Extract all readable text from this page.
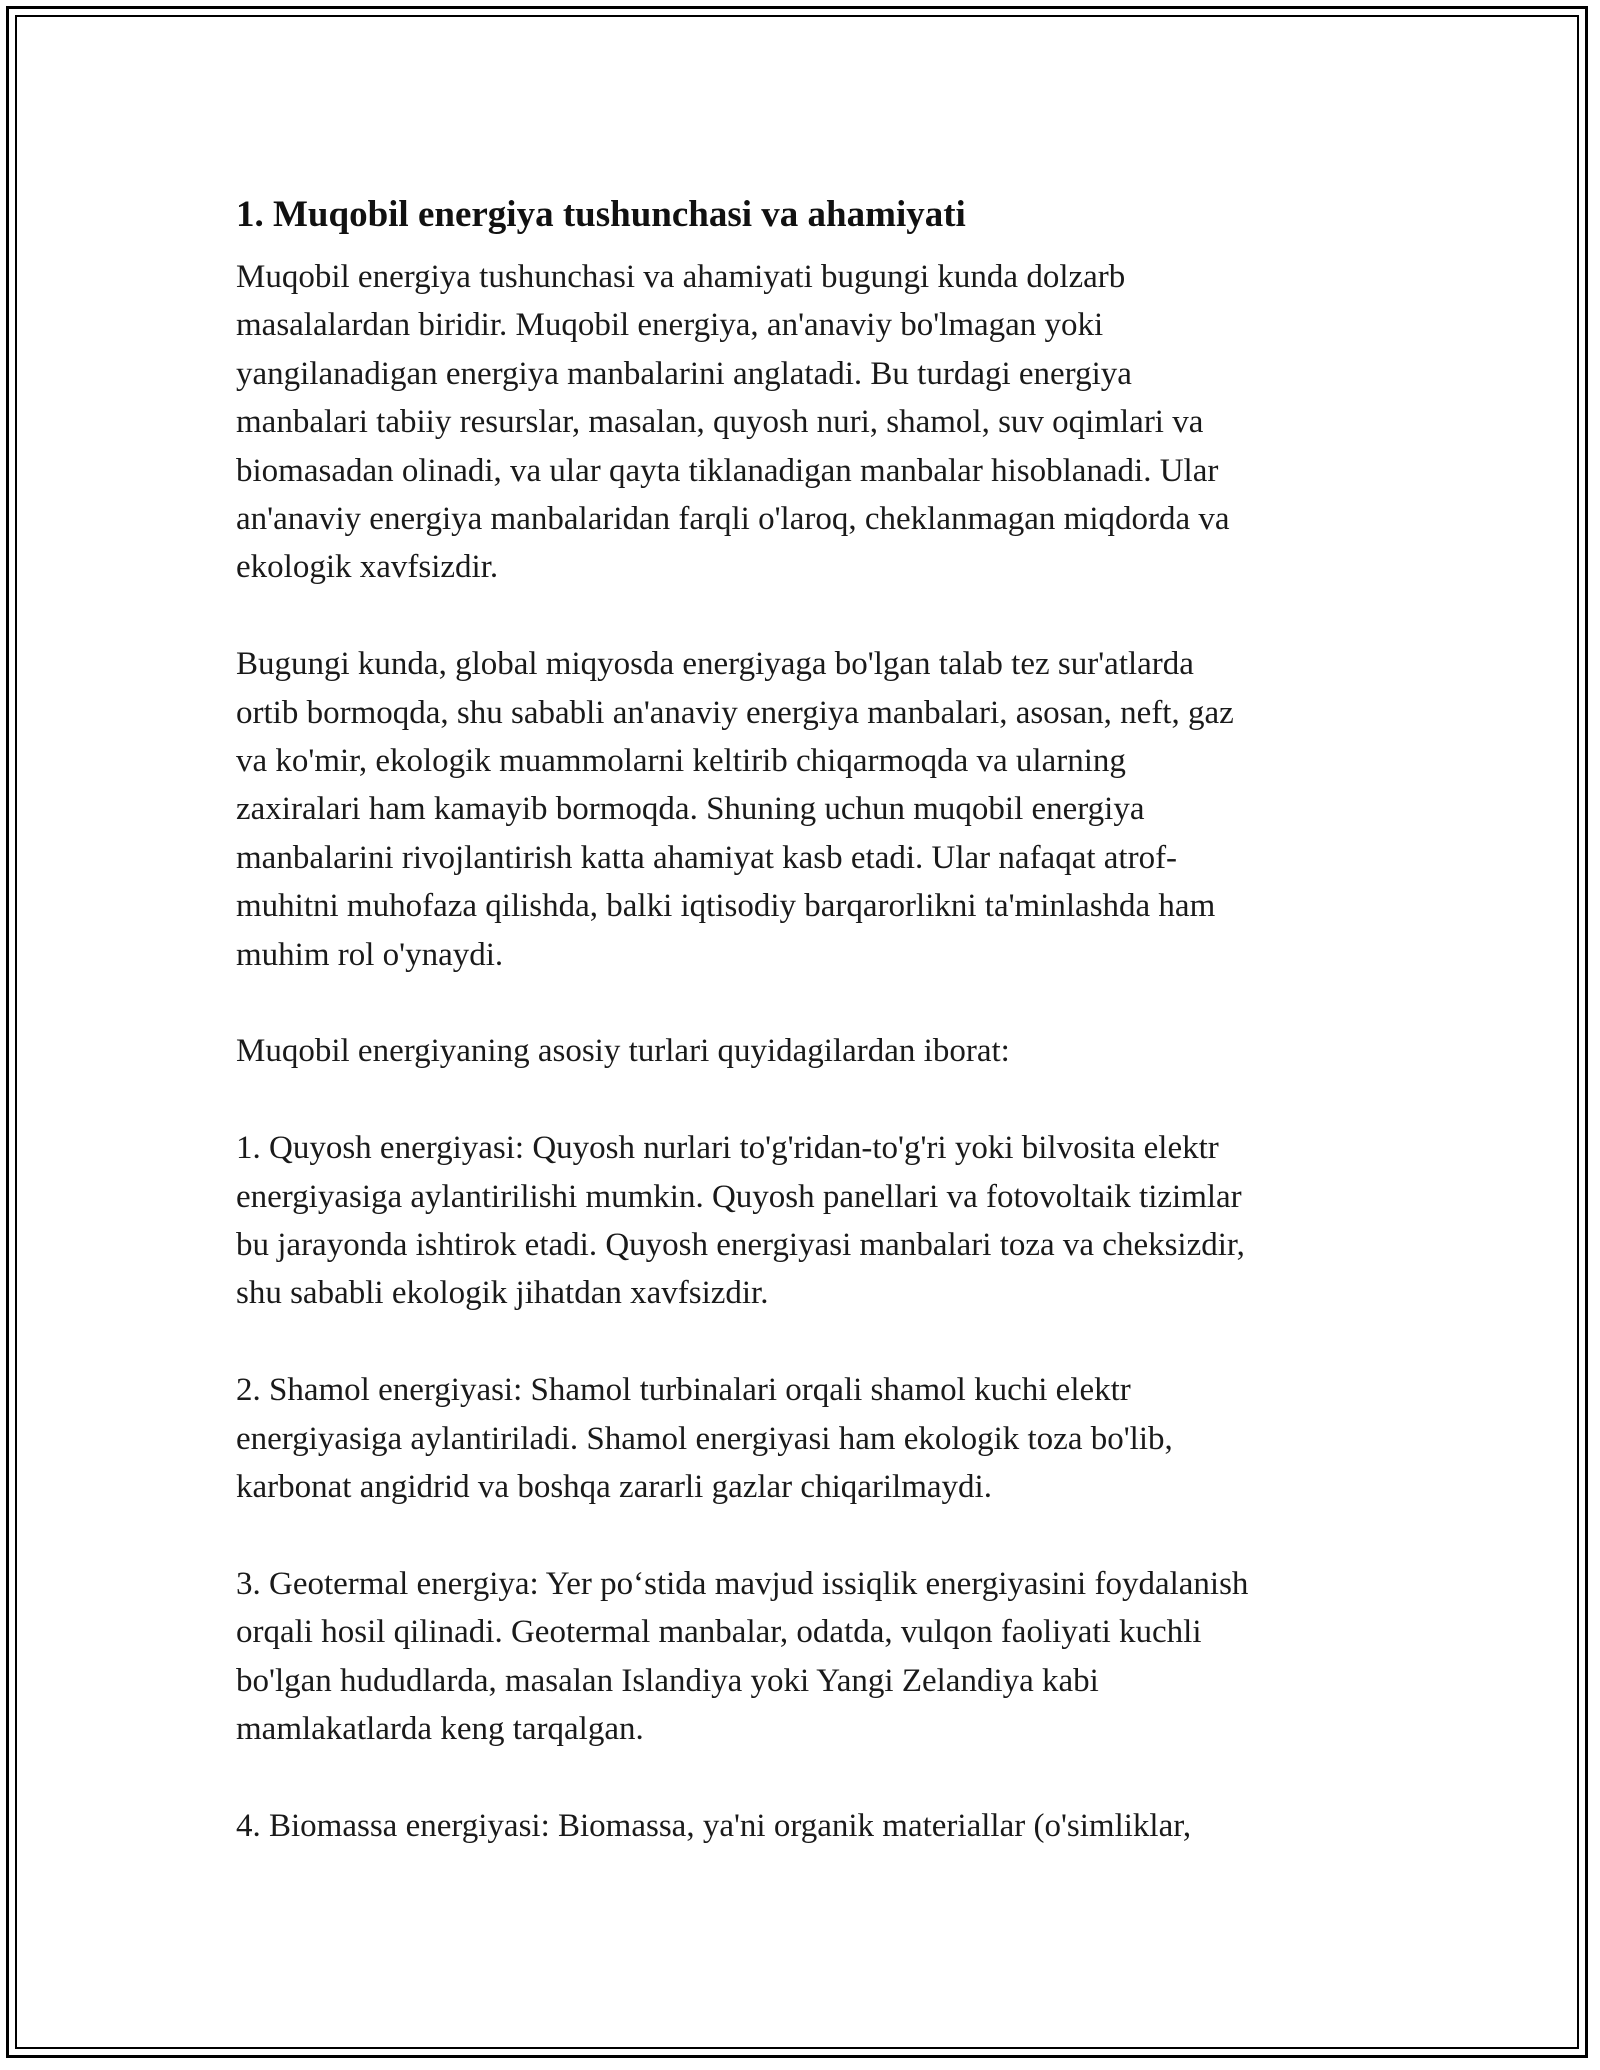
1. Muqobil energiya tushunchasi va ahamiyati
Muqobil energiya tushunchasi va ahamiyati bugungi kunda dolzarb
masalalardan biridir. Muqobil energiya, an'anaviy bo'lmagan yoki
yangilanadigan energiya manbalarini anglatadi. Bu turdagi energiya
manbalari tabiiy resurslar, masalan, quyosh nuri, shamol, suv oqimlari va
biomasadan olinadi, va ular qayta tiklanadigan manbalar hisoblanadi. Ular
an'anaviy energiya manbalaridan farqli o'laroq, cheklanmagan miqdorda va
ekologik xavfsizdir.
Bugungi kunda, global miqyosda energiyaga bo'lgan talab tez sur'atlarda
ortib bormoqda, shu sababli an'anaviy energiya manbalari, asosan, neft, gaz
va ko'mir, ekologik muammolarni keltirib chiqarmoqda va ularning
zaxiralari ham kamayib bormoqda. Shuning uchun muqobil energiya
manbalarini rivojlantirish katta ahamiyat kasb etadi. Ular nafaqat atrof-
muhitni muhofaza qilishda, balki iqtisodiy barqarorlikni ta'minlashda ham
muhim rol o'ynaydi.
Muqobil energiyaning asosiy turlari quyidagilardan iborat:
1. Quyosh energiyasi: Quyosh nurlari to'g'ridan-to'g'ri yoki bilvosita elektr
energiyasiga aylantirilishi mumkin. Quyosh panellari va fotovoltaik tizimlar
bu jarayonda ishtirok etadi. Quyosh energiyasi manbalari toza va cheksizdir,
shu sababli ekologik jihatdan xavfsizdir.
2. Shamol energiyasi: Shamol turbinalari orqali shamol kuchi elektr
energiyasiga aylantiriladi. Shamol energiyasi ham ekologik toza bo'lib,
karbonat angidrid va boshqa zararli gazlar chiqarilmaydi.
3. Geotermal energiya: Yer po‘stida mavjud issiqlik energiyasini foydalanish
orqali hosil qilinadi. Geotermal manbalar, odatda, vulqon faoliyati kuchli
bo'lgan hududlarda, masalan Islandiya yoki Yangi Zelandiya kabi
mamlakatlarda keng tarqalgan.
4. Biomassa energiyasi: Biomassa, ya'ni organik materiallar (o'simliklar,
